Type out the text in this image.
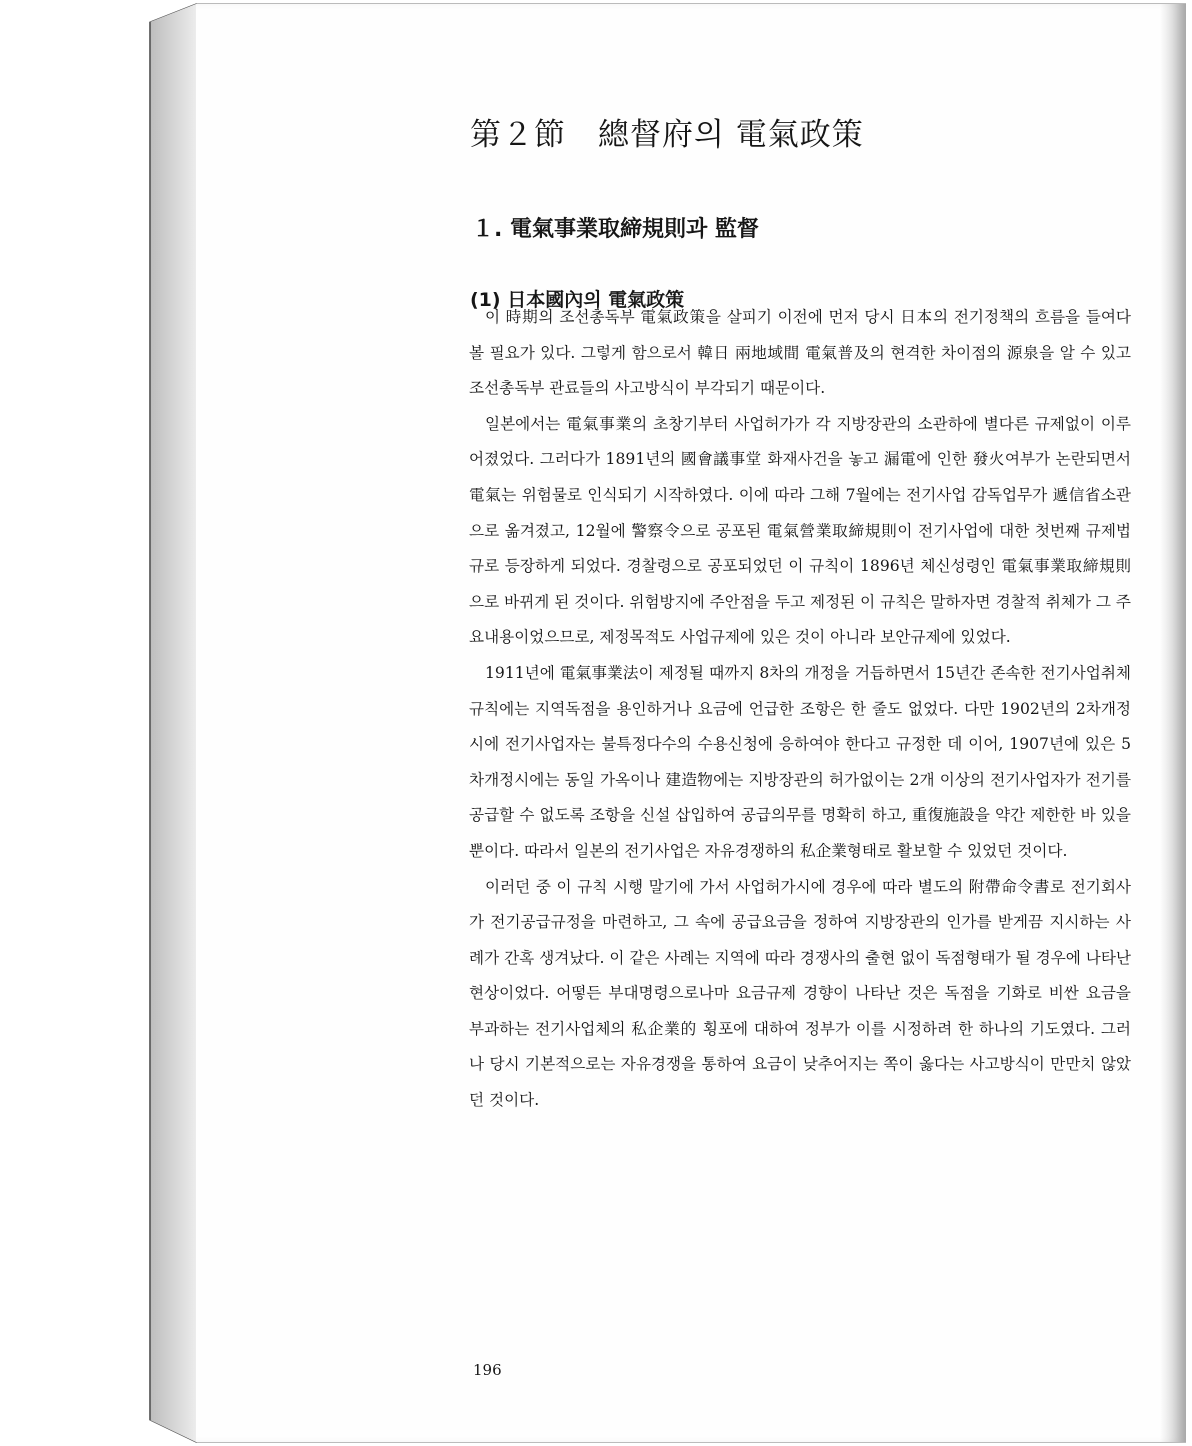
第２節　總督府의 電氣政策
１. 電氣事業取締規則과 監督
(1) 日本國內의 電氣政策

이 時期의 조선총독부 電氣政策을 살피기 이전에 먼저 당시 日本의 전기정책의 흐름을 들여다 볼 필요가 있다. 그렇게 함으로서 韓日 兩地域間 電氣普及의 현격한 차이점의 源泉을 알 수 있고 조선총독부 관료들의 사고방식이 부각되기 때문이다.

일본에서는 電氣事業의 초창기부터 사업허가가 각 지방장관의 소관하에 별다른 규제없이 이루어졌었다. 그러다가 1891년의 國會議事堂 화재사건을 놓고 漏電에 인한 發火여부가 논란되면서 電氣는 위험물로 인식되기 시작하였다. 이에 따라 그해 7월에는 전기사업 감독업무가 遞信省소관으로 옮겨졌고, 12월에 警察令으로 공포된 電氣營業取締規則이 전기사업에 대한 첫번째 규제법규로 등장하게 되었다. 경찰령으로 공포되었던 이 규칙이 1896년 체신성령인 電氣事業取締規則으로 바뀌게 된 것이다. 위험방지에 주안점을 두고 제정된 이 규칙은 말하자면 경찰적 취체가 그 주요내용이었으므로, 제정목적도 사업규제에 있은 것이 아니라 보안규제에 있었다.

1911년에 電氣事業法이 제정될 때까지 8차의 개정을 거듭하면서 15년간 존속한 전기사업취체규칙에는 지역독점을 용인하거나 요금에 언급한 조항은 한 줄도 없었다. 다만 1902년의 2차개정시에 전기사업자는 불특정다수의 수용신청에 응하여야 한다고 규정한 데 이어, 1907년에 있은 5차개정시에는 동일 가옥이나 建造物에는 지방장관의 허가없이는 2개 이상의 전기사업자가 전기를 공급할 수 없도록 조항을 신설 삽입하여 공급의무를 명확히 하고, 重復施設을 약간 제한한 바 있을 뿐이다. 따라서 일본의 전기사업은 자유경쟁하의 私企業형태로 활보할 수 있었던 것이다.

이러던 중 이 규칙 시행 말기에 가서 사업허가시에 경우에 따라 별도의 附帶命令書로 전기회사가 전기공급규정을 마련하고, 그 속에 공급요금을 정하여 지방장관의 인가를 받게끔 지시하는 사례가 간혹 생겨났다. 이 같은 사례는 지역에 따라 경쟁사의 출현 없이 독점형태가 될 경우에 나타난 현상이었다. 어떻든 부대명령으로나마 요금규제 경향이 나타난 것은 독점을 기화로 비싼 요금을 부과하는 전기사업체의 私企業的 횡포에 대하여 정부가 이를 시정하려 한 하나의 기도였다. 그러나 당시 기본적으로는 자유경쟁을 통하여 요금이 낮추어지는 쪽이 옳다는 사고방식이 만만치 않았던 것이다.

196
